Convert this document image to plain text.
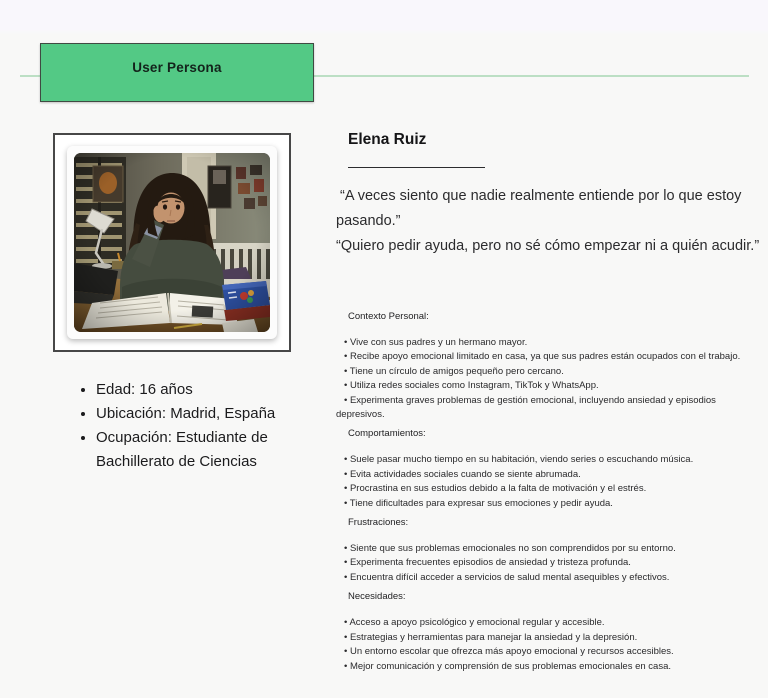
User Persona
• Edad: 16 años
• Ubicación: Madrid, España
• Ocupación: Estudiante de Bachillerato de Ciencias
Elena Ruiz

“A veces siento que nadie realmente entiende por lo que estoy pasando.”

“Quiero pedir ayuda, pero no sé cómo empezar ni a quién acudir.”

Contexto Personal:
• Vive con sus padres y un hermano mayor.
• Recibe apoyo emocional limitado en casa, ya que sus padres están ocupados con el trabajo.
• Tiene un círculo de amigos pequeño pero cercano.
• Utiliza redes sociales como Instagram, TikTok y WhatsApp.
• Experimenta graves problemas de gestión emocional, incluyendo ansiedad y episodios depresivos.
Comportamientos:
• Suele pasar mucho tiempo en su habitación, viendo series o escuchando música.
• Evita actividades sociales cuando se siente abrumada.
• Procrastina en sus estudios debido a la falta de motivación y el estrés.
• Tiene dificultades para expresar sus emociones y pedir ayuda.
Frustraciones:
• Siente que sus problemas emocionales no son comprendidos por su entorno.
• Experimenta frecuentes episodios de ansiedad y tristeza profunda.
• Encuentra difícil acceder a servicios de salud mental asequibles y efectivos.
Necesidades:
• Acceso a apoyo psicológico y emocional regular y accesible.
• Estrategias y herramientas para manejar la ansiedad y la depresión.
• Un entorno escolar que ofrezca más apoyo emocional y recursos accesibles.
• Mejor comunicación y comprensión de sus problemas emocionales en casa.
